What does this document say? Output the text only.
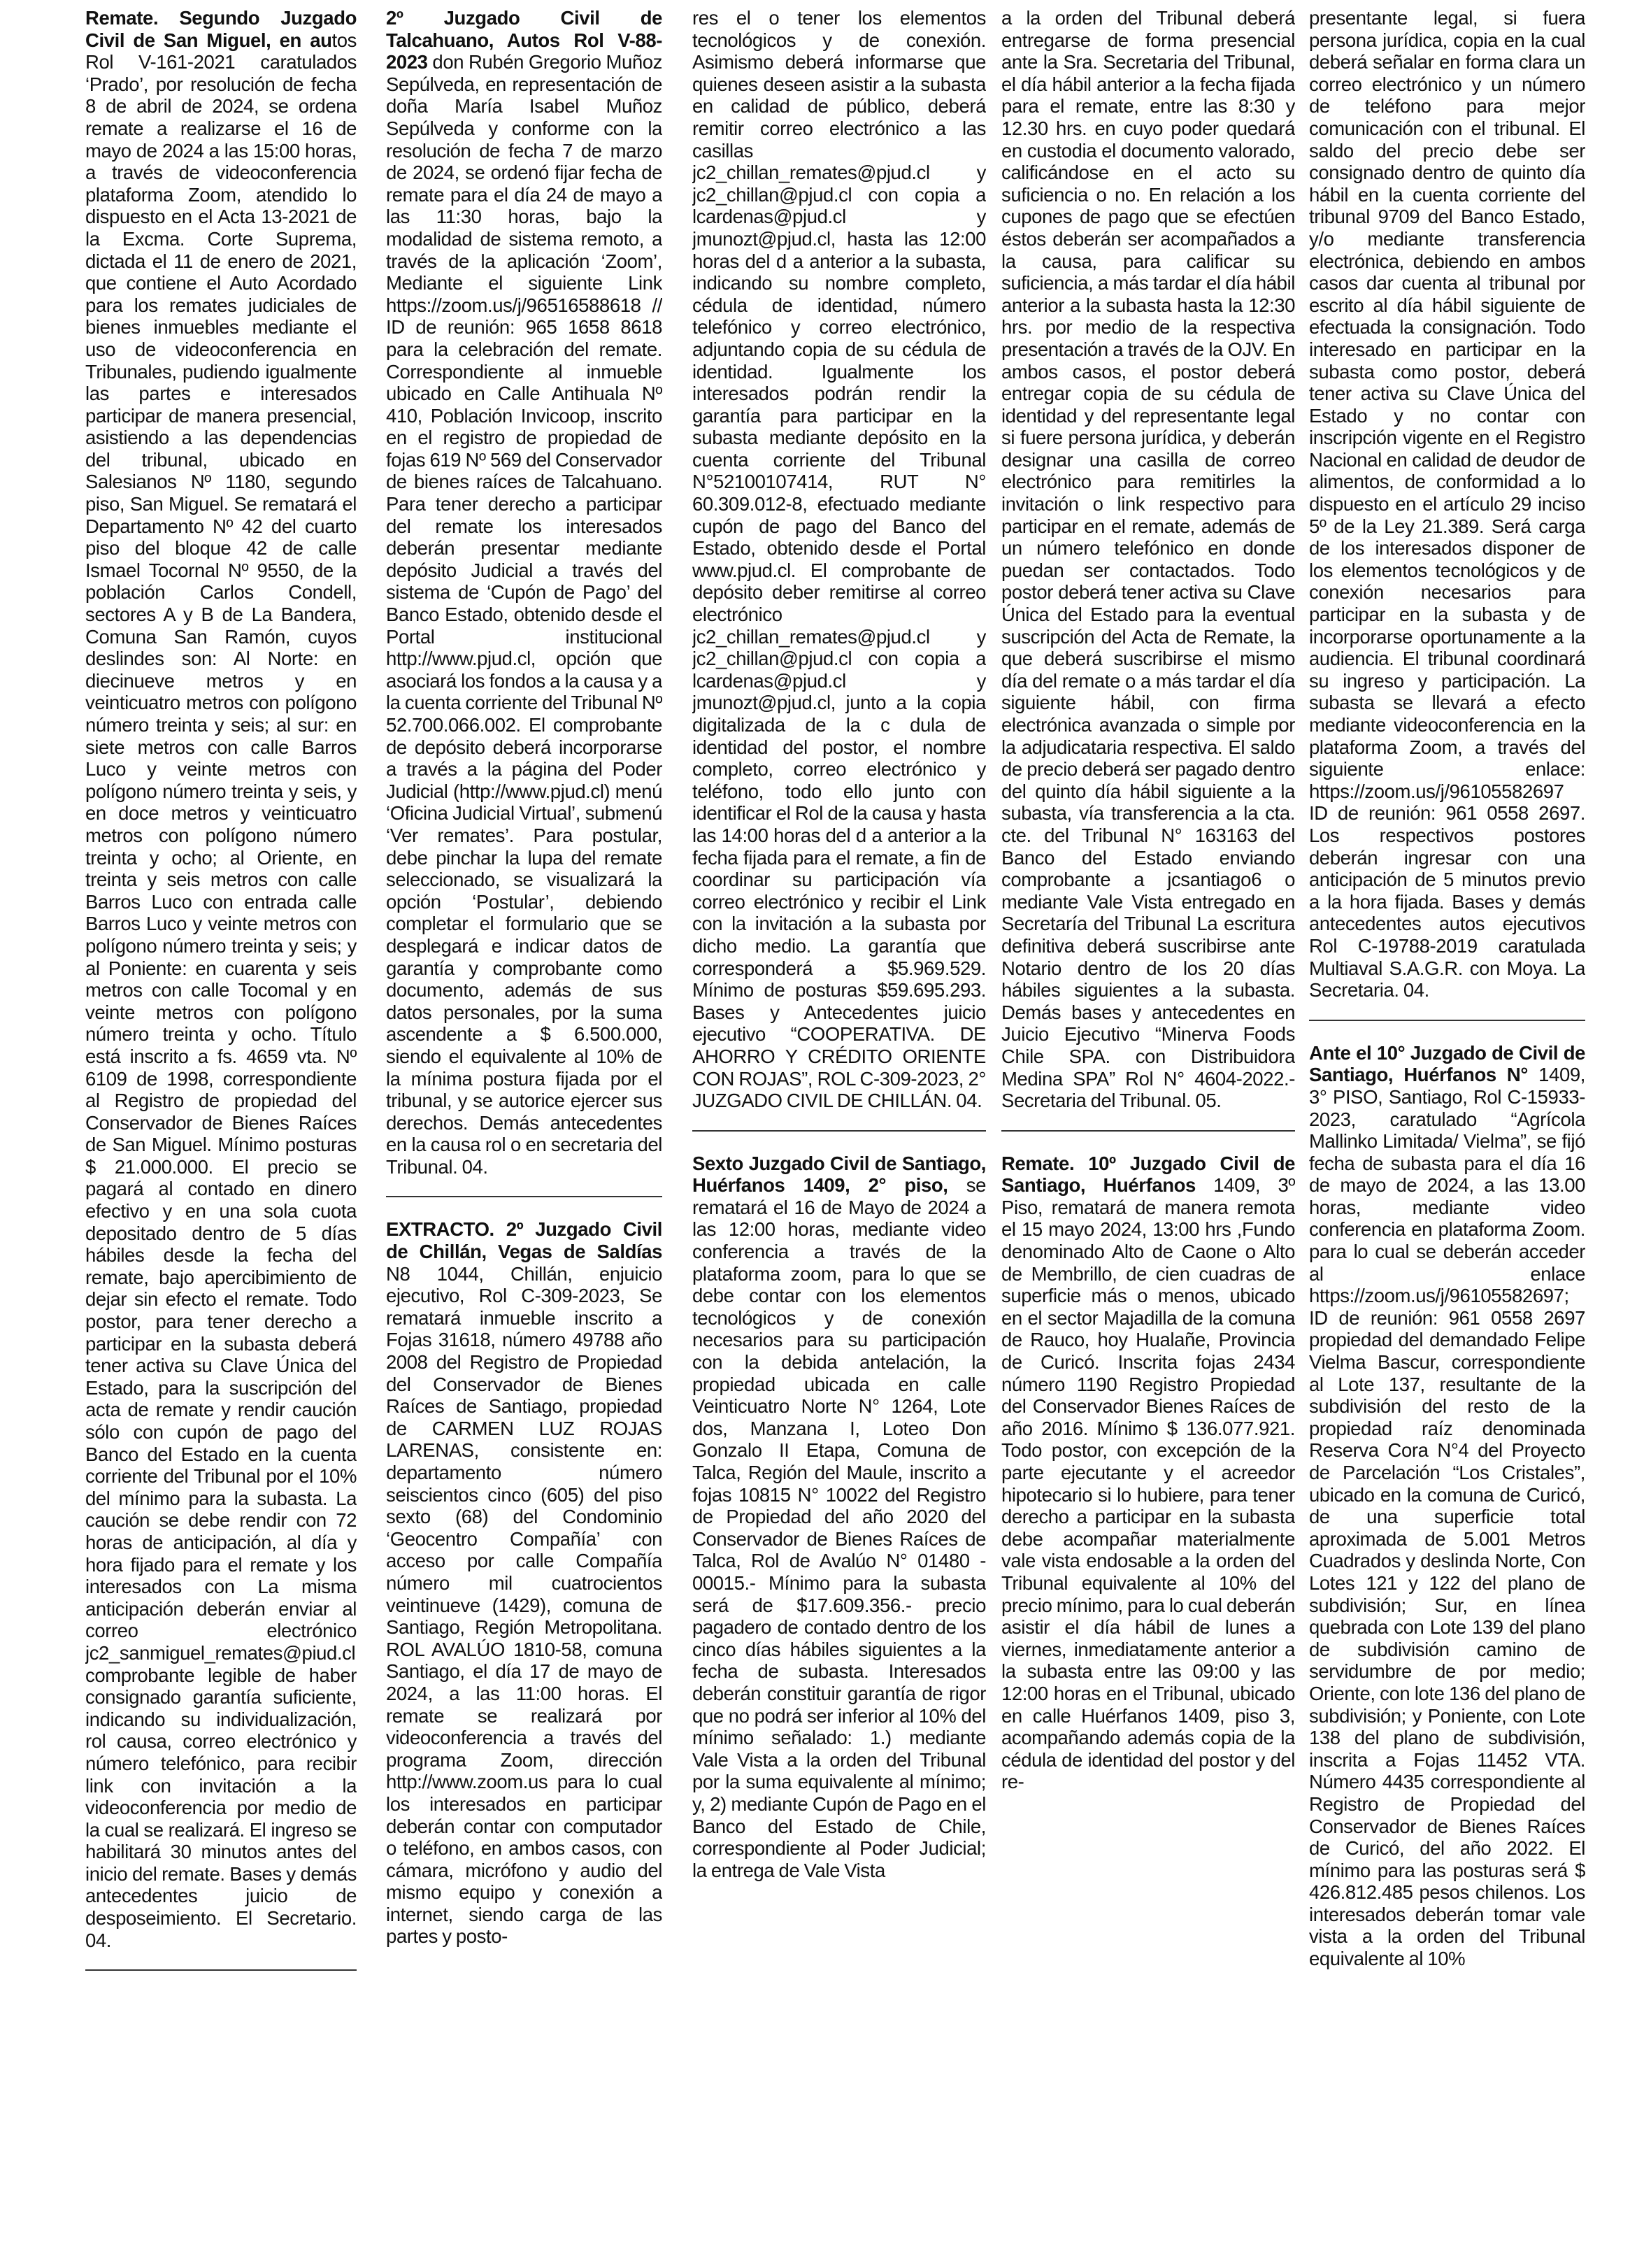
Remate. Segundo Juzgado Civil de San Miguel, en autos Rol V-161-2021 caratulados ‘Prado’, por resolución de fecha 8 de abril de 2024, se ordena remate a realizarse el 16 de mayo de 2024 a las 15:00 horas, a través de videoconferencia plataforma Zoom, atendido lo dispuesto en el Acta 13-2021 de la Excma. Corte Suprema, dictada el 11 de enero de 2021, que contiene el Auto Acordado para los remates judiciales de bienes inmuebles mediante el uso de videoconferencia en Tribunales, pudiendo igualmente las partes e interesados participar de manera presencial, asistiendo a las dependencias del tribunal, ubicado en Salesianos Nº 1180, segundo piso, San Miguel. Se rematará el Departamento Nº 42 del cuarto piso del bloque 42 de calle Ismael Tocornal Nº 9550, de la población Carlos Condell, sectores A y B de La Bandera, Comuna San Ramón, cuyos deslindes son: Al Norte: en diecinueve metros y en veinticuatro metros con polígono número treinta y seis; al sur: en siete metros con calle Barros Luco y veinte metros con polígono número treinta y seis, y en doce metros y veinticuatro metros con polígono número treinta y ocho; al Oriente, en treinta y seis metros con calle Barros Luco con entrada calle Barros Luco y veinte metros con polígono número treinta y seis; y al Poniente: en cuarenta y seis metros con calle Tocomal y en veinte metros con polígono número treinta y ocho. Título está inscrito a fs. 4659 vta. Nº 6109 de 1998, correspondiente al Registro de propiedad del Conservador de Bienes Raíces de San Miguel. Mínimo posturas $ 21.000.000. El precio se pagará al contado en dinero efectivo y en una sola cuota depositado dentro de 5 días hábiles desde la fecha del remate, bajo apercibimiento de dejar sin efecto el remate. Todo postor, para tener derecho a participar en la subasta deberá tener activa su Clave Única del Estado, para la suscripción del acta de remate y rendir caución sólo con cupón de pago del Banco del Estado en la cuenta corriente del Tribunal por el 10% del mínimo para la subasta. La caución se debe rendir con 72 horas de anticipación, al día y hora fijado para el remate y los interesados con La misma anticipación deberán enviar al correo electrónico jc2_sanmiguel_remates@piud.cl comprobante legible de haber consignado garantía suficiente, indicando su individualización, rol causa, correo electrónico y número telefónico, para recibir link con invitación a la videoconferencia por medio de la cual se realizará. El ingreso se habilitará 30 minutos antes del inicio del remate. Bases y demás antecedentes juicio de desposeimiento. El Secretario. 04.

2º Juzgado Civil de Talcahuano, Autos Rol V-88-2023 don Rubén Gregorio Muñoz Sepúlveda, en representación de doña María Isabel Muñoz Sepúlveda y conforme con la resolución de fecha 7 de marzo de 2024, se ordenó fijar fecha de remate para el día 24 de mayo a las 11:30 horas, bajo la modalidad de sistema remoto, a través de la aplicación ‘Zoom’, Mediante el siguiente Link https://zoom.us/j/96516588618 // ID de reunión: 965 1658 8618 para la celebración del remate. Correspondiente al inmueble ubicado en Calle Antihuala Nº 410, Población Invicoop, inscrito en el registro de propiedad de fojas 619 Nº 569 del Conservador de bienes raíces de Talcahuano. Para tener derecho a participar del remate los interesados deberán presentar mediante depósito Judicial a través del sistema de ‘Cupón de Pago’ del Banco Estado, obtenido desde el Portal institucional http://www.pjud.cl, opción que asociará los fondos a la causa y a la cuenta corriente del Tribunal Nº 52.700.066.002. El comprobante de depósito deberá incorporarse a través a la página del Poder Judicial (http://www.pjud.cl) menú ‘Oficina Judicial Virtual’, submenú ‘Ver remates’. Para postular, debe pinchar la lupa del remate seleccionado, se visualizará la opción ‘Postular’, debiendo completar el formulario que se desplegará e indicar datos de garantía y comprobante como documento, además de sus datos personales, por la suma ascendente a $ 6.500.000, siendo el equivalente al 10% de la mínima postura fijada por el tribunal, y se autorice ejercer sus derechos. Demás antecedentes en la causa rol o en secretaria del Tribunal. 04.

EXTRACTO. 2º Juzgado Civil de Chillán, Vegas de Saldías N8 1044, Chillán, enjuicio ejecutivo, Rol C-309-2023, Se rematará inmueble inscrito a Fojas 31618, número 49788 año 2008 del Registro de Propiedad del Conservador de Bienes Raíces de Santiago, propiedad de CARMEN LUZ ROJAS LARENAS, consistente en: departamento número seiscientos cinco (605) del piso sexto (68) del Condominio ‘Geocentro Compañía’ con acceso por calle Compañía número mil cuatrocientos veintinueve (1429), comuna de Santiago, Región Metropolitana. ROL AVALÚO 1810-58, comuna Santiago, el día 17 de mayo de 2024, a las 11:00 horas. El remate se realizará por videoconferencia a través del programa Zoom, dirección http://www.zoom.us para lo cual los interesados en participar deberán contar con computador o teléfono, en ambos casos, con cámara, micrófono y audio del mismo equipo y conexión a internet, siendo carga de las partes y posto-

res el o tener los elementos tecnológicos y de conexión. Asimismo deberá informarse que quienes deseen asistir a la subasta en calidad de público, deberá remitir correo electrónico a las casillas jc2_chillan_remates@pjud.cl y jc2_chillan@pjud.cl con copia a lcardenas@pjud.cl y jmunozt@pjud.cl, hasta las 12:00 horas del d a anterior a la subasta, indicando su nombre completo, cédula de identidad, número telefónico y correo electrónico, adjuntando copia de su cédula de identidad. Igualmente los interesados podrán rendir la garantía para participar en la subasta mediante depósito en la cuenta corriente del Tribunal N°52100107414, RUT N° 60.309.012-8, efectuado mediante cupón de pago del Banco del Estado, obtenido desde el Portal www.pjud.cl. El comprobante de depósito deber remitirse al correo electrónico jc2_chillan_remates@pjud.cl y jc2_chillan@pjud.cl con copia a lcardenas@pjud.cl y jmunozt@pjud.cl, junto a la copia digitalizada de la c dula de identidad del postor, el nombre completo, correo electrónico y teléfono, todo ello junto con identificar el Rol de la causa y hasta las 14:00 horas del d a anterior a la fecha fijada para el remate, a fin de coordinar su participación vía correo electrónico y recibir el Link con la invitación a la subasta por dicho medio. La garantía que corresponderá a $5.969.529. Mínimo de posturas $59.695.293. Bases y Antecedentes juicio ejecutivo “COOPERATIVA. DE AHORRO Y CRÉDITO ORIENTE CON ROJAS”, ROL C-309-2023, 2° JUZGADO CIVIL DE CHILLÁN. 04.

Sexto Juzgado Civil de Santiago, Huérfanos 1409, 2° piso, se rematará el 16 de Mayo de 2024 a las 12:00 horas, mediante video conferencia a través de la plataforma zoom, para lo que se debe contar con los elementos tecnológicos y de conexión necesarios para su participación con la debida antelación, la propiedad ubicada en calle Veinticuatro Norte N° 1264, Lote dos, Manzana I, Loteo Don Gonzalo II Etapa, Comuna de Talca, Región del Maule, inscrito a fojas 10815 N° 10022 del Registro de Propiedad del año 2020 del Conservador de Bienes Raíces de Talca, Rol de Avalúo N° 01480 - 00015.- Mínimo para la subasta será de $17.609.356.- precio pagadero de contado dentro de los cinco días hábiles siguientes a la fecha de subasta. Interesados deberán constituir garantía de rigor que no podrá ser inferior al 10% del mínimo señalado: 1.) mediante Vale Vista a la orden del Tribunal por la suma equivalente al mínimo; y, 2) mediante Cupón de Pago en el Banco del Estado de Chile, correspondiente al Poder Judicial; la entrega de Vale Vista

a la orden del Tribunal deberá entregarse de forma presencial ante la Sra. Secretaria del Tribunal, el día hábil anterior a la fecha fijada para el remate, entre las 8:30 y 12.30 hrs. en cuyo poder quedará en custodia el documento valorado, calificándose en el acto su suficiencia o no. En relación a los cupones de pago que se efectúen éstos deberán ser acompañados a la causa, para calificar su suficiencia, a más tardar el día hábil anterior a la subasta hasta la 12:30 hrs. por medio de la respectiva presentación a través de la OJV. En ambos casos, el postor deberá entregar copia de su cédula de identidad y del representante legal si fuere persona jurídica, y deberán designar una casilla de correo electrónico para remitirles la invitación o link respectivo para participar en el remate, además de un número telefónico en donde puedan ser contactados. Todo postor deberá tener activa su Clave Única del Estado para la eventual suscripción del Acta de Remate, la que deberá suscribirse el mismo día del remate o a más tardar el día siguiente hábil, con firma electrónica avanzada o simple por la adjudicataria respectiva. El saldo de precio deberá ser pagado dentro del quinto día hábil siguiente a la subasta, vía transferencia a la cta. cte. del Tribunal N° 163163 del Banco del Estado enviando comprobante a jcsantiago6 o mediante Vale Vista entregado en Secretaría del Tribunal La escritura definitiva deberá suscribirse ante Notario dentro de los 20 días hábiles siguientes a la subasta. Demás bases y antecedentes en Juicio Ejecutivo “Minerva Foods Chile SPA. con Distribuidora Medina SPA” Rol N° 4604-2022.- Secretaria del Tribunal. 05.

Remate. 10º Juzgado Civil de Santiago, Huérfanos 1409, 3º Piso, rematará de manera remota el 15 mayo 2024, 13:00 hrs ,Fundo denominado Alto de Caone o Alto de Membrillo, de cien cuadras de superficie más o menos, ubicado en el sector Majadilla de la comuna de Rauco, hoy Hualañe, Provincia de Curicó. Inscrita fojas 2434 número 1190 Registro Propiedad del Conservador Bienes Raíces de año 2016. Mínimo $ 136.077.921. Todo postor, con excepción de la parte ejecutante y el acreedor hipotecario si lo hubiere, para tener derecho a participar en la subasta debe acompañar materialmente vale vista endosable a la orden del Tribunal equivalente al 10% del precio mínimo, para lo cual deberán asistir el día hábil de lunes a viernes, inmediatamente anterior a la subasta entre las 09:00 y las 12:00 horas en el Tribunal, ubicado en calle Huérfanos 1409, piso 3, acompañando además copia de la cédula de identidad del postor y del re-

presentante legal, si fuera persona jurídica, copia en la cual deberá señalar en forma clara un correo electrónico y un número de teléfono para mejor comunicación con el tribunal. El saldo del precio debe ser consignado dentro de quinto día hábil en la cuenta corriente del tribunal 9709 del Banco Estado, y/o mediante transferencia electrónica, debiendo en ambos casos dar cuenta al tribunal por escrito al día hábil siguiente de efectuada la consignación. Todo interesado en participar en la subasta como postor, deberá tener activa su Clave Única del Estado y no contar con inscripción vigente en el Registro Nacional en calidad de deudor de alimentos, de conformidad a lo dispuesto en el artículo 29 inciso 5º de la Ley 21.389. Será carga de los interesados disponer de los elementos tecnológicos y de conexión necesarios para participar en la subasta y de incorporarse oportunamente a la audiencia. El tribunal coordinará su ingreso y participación. La subasta se llevará a efecto mediante videoconferencia en la plataforma Zoom, a través del siguiente enlace: https://zoom.us/j/96105582697 ID de reunión: 961 0558 2697. Los respectivos postores deberán ingresar con una anticipación de 5 minutos previo a la hora fijada. Bases y demás antecedentes autos ejecutivos Rol C-19788-2019 caratulada Multiaval S.A.G.R. con Moya. La Secretaria. 04.

Ante el 10° Juzgado de Civil de Santiago, Huérfanos N° 1409, 3° PISO, Santiago, Rol C-15933-2023, caratulado “Agrícola Mallinko Limitada/ Vielma”, se fijó fecha de subasta para el día 16 de mayo de 2024, a las 13.00 horas, mediante video conferencia en plataforma Zoom. para lo cual se deberán acceder al enlace https://zoom.us/j/96105582697; ID de reunión: 961 0558 2697 propiedad del demandado Felipe Vielma Bascur, correspondiente al Lote 137, resultante de la subdivisión del resto de la propiedad raíz denominada Reserva Cora N°4 del Proyecto de Parcelación “Los Cristales”, ubicado en la comuna de Curicó, de una superficie total aproximada de 5.001 Metros Cuadrados y deslinda Norte, Con Lotes 121 y 122 del plano de subdivisión; Sur, en línea quebrada con Lote 139 del plano de subdivisión camino de servidumbre de por medio; Oriente, con lote 136 del plano de subdivisión; y Poniente, con Lote 138 del plano de subdivisión, inscrita a Fojas 11452 VTA. Número 4435 correspondiente al Registro de Propiedad del Conservador de Bienes Raíces de Curicó, del año 2022. El mínimo para las posturas será $ 426.812.485 pesos chilenos. Los interesados deberán tomar vale vista a la orden del Tribunal equivalente al 10%
